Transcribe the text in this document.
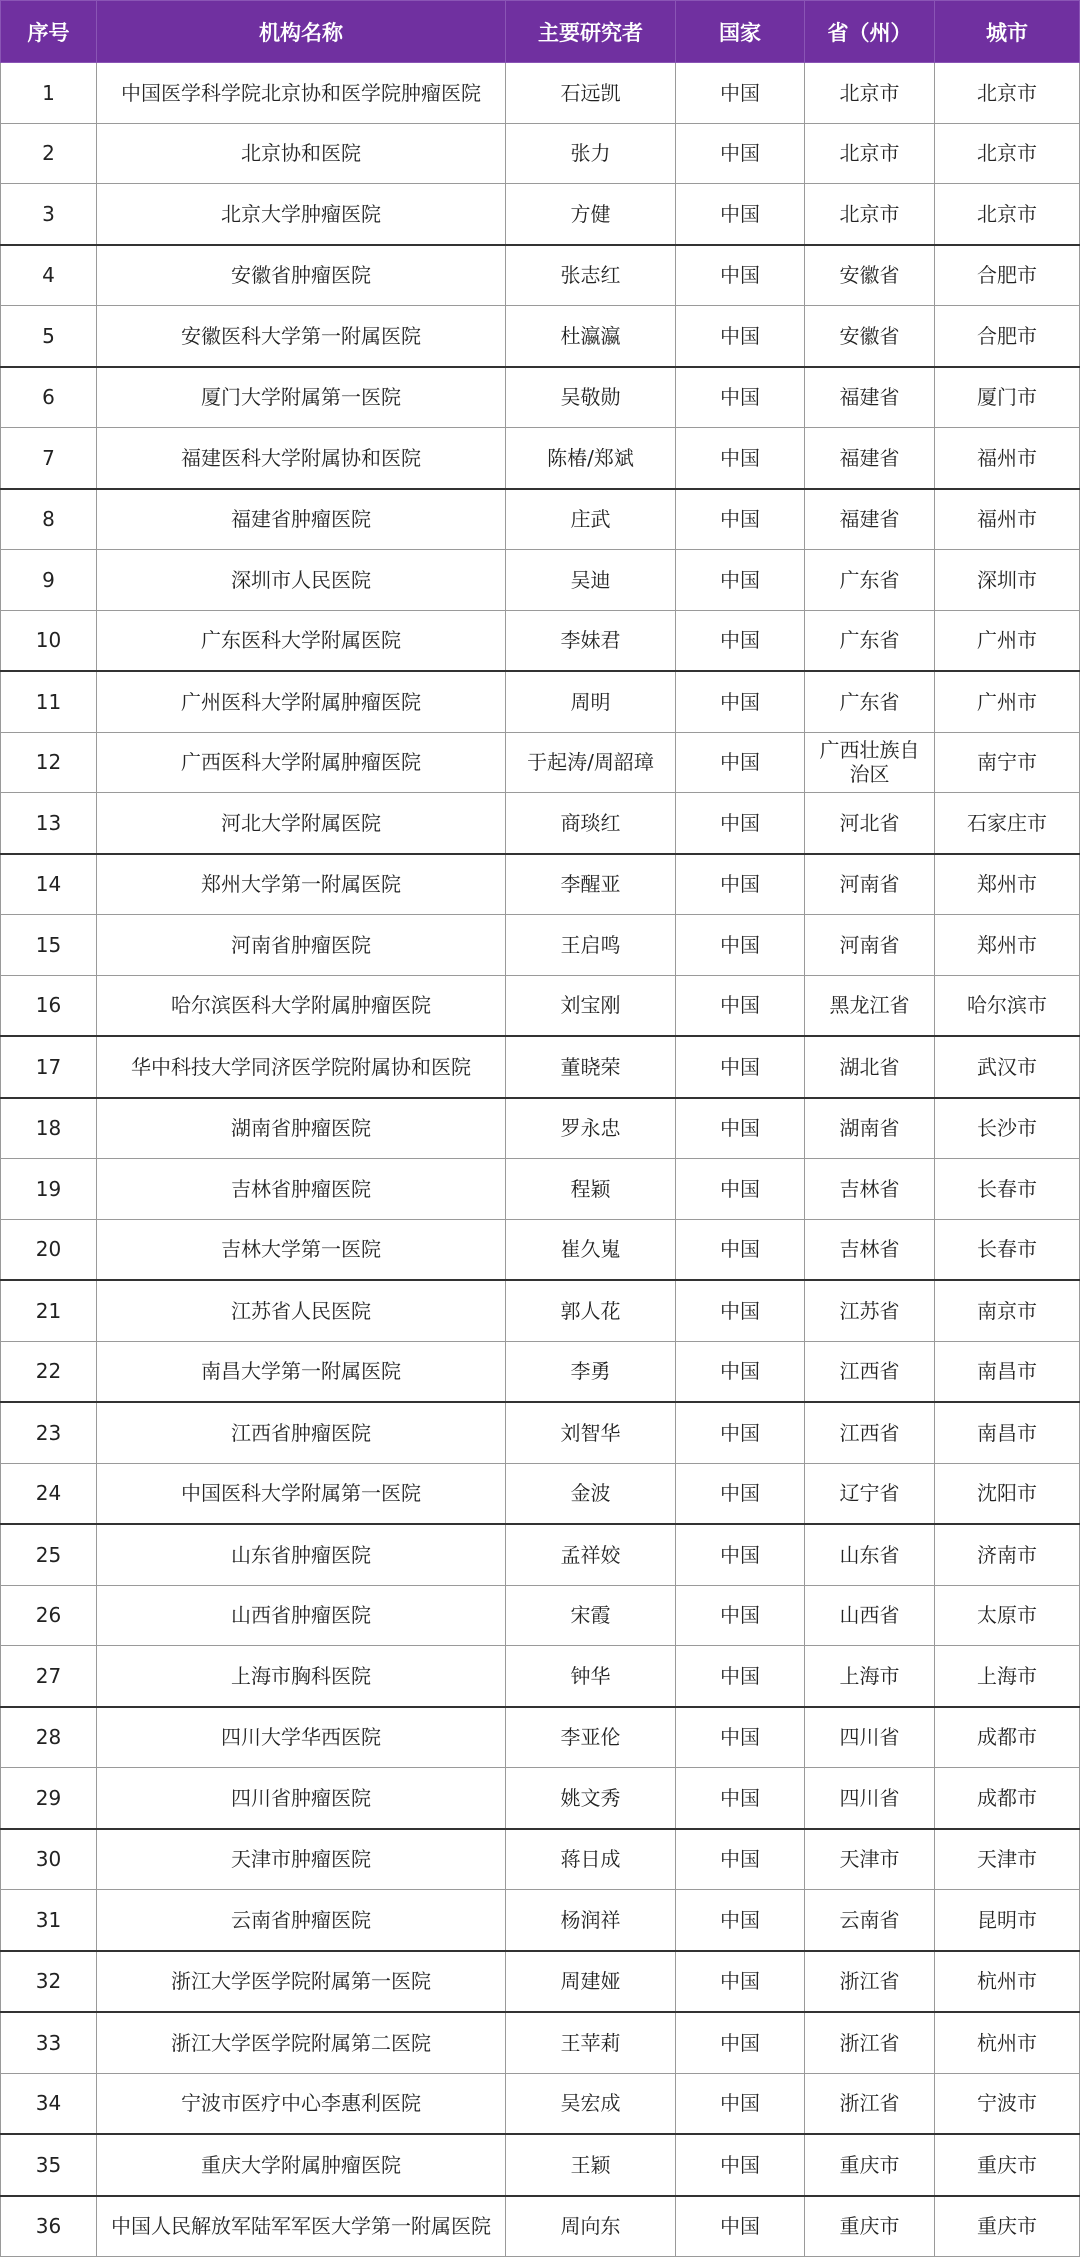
序号	机构名称	主要研究者	国家	省（州）	城市
1	中国医学科学院北京协和医学院肿瘤医院	石远凯	中国	北京市	北京市
2	北京协和医院	张力	中国	北京市	北京市
3	北京大学肿瘤医院	方健	中国	北京市	北京市
4	安徽省肿瘤医院	张志红	中国	安徽省	合肥市
5	安徽医科大学第一附属医院	杜瀛瀛	中国	安徽省	合肥市
6	厦门大学附属第一医院	吴敬勋	中国	福建省	厦门市
7	福建医科大学附属协和医院	陈椿/郑斌	中国	福建省	福州市
8	福建省肿瘤医院	庄武	中国	福建省	福州市
9	深圳市人民医院	吴迪	中国	广东省	深圳市
10	广东医科大学附属医院	李妹君	中国	广东省	广州市
11	广州医科大学附属肿瘤医院	周明	中国	广东省	广州市
12	广西医科大学附属肿瘤医院	于起涛/周韶璋	中国	广西壮族自治区	南宁市
13	河北大学附属医院	商琰红	中国	河北省	石家庄市
14	郑州大学第一附属医院	李醒亚	中国	河南省	郑州市
15	河南省肿瘤医院	王启鸣	中国	河南省	郑州市
16	哈尔滨医科大学附属肿瘤医院	刘宝刚	中国	黑龙江省	哈尔滨市
17	华中科技大学同济医学院附属协和医院	董晓荣	中国	湖北省	武汉市
18	湖南省肿瘤医院	罗永忠	中国	湖南省	长沙市
19	吉林省肿瘤医院	程颖	中国	吉林省	长春市
20	吉林大学第一医院	崔久嵬	中国	吉林省	长春市
21	江苏省人民医院	郭人花	中国	江苏省	南京市
22	南昌大学第一附属医院	李勇	中国	江西省	南昌市
23	江西省肿瘤医院	刘智华	中国	江西省	南昌市
24	中国医科大学附属第一医院	金波	中国	辽宁省	沈阳市
25	山东省肿瘤医院	孟祥姣	中国	山东省	济南市
26	山西省肿瘤医院	宋霞	中国	山西省	太原市
27	上海市胸科医院	钟华	中国	上海市	上海市
28	四川大学华西医院	李亚伦	中国	四川省	成都市
29	四川省肿瘤医院	姚文秀	中国	四川省	成都市
30	天津市肿瘤医院	蒋日成	中国	天津市	天津市
31	云南省肿瘤医院	杨润祥	中国	云南省	昆明市
32	浙江大学医学院附属第一医院	周建娅	中国	浙江省	杭州市
33	浙江大学医学院附属第二医院	王苹莉	中国	浙江省	杭州市
34	宁波市医疗中心李惠利医院	吴宏成	中国	浙江省	宁波市
35	重庆大学附属肿瘤医院	王颖	中国	重庆市	重庆市
36	中国人民解放军陆军军医大学第一附属医院	周向东	中国	重庆市	重庆市
